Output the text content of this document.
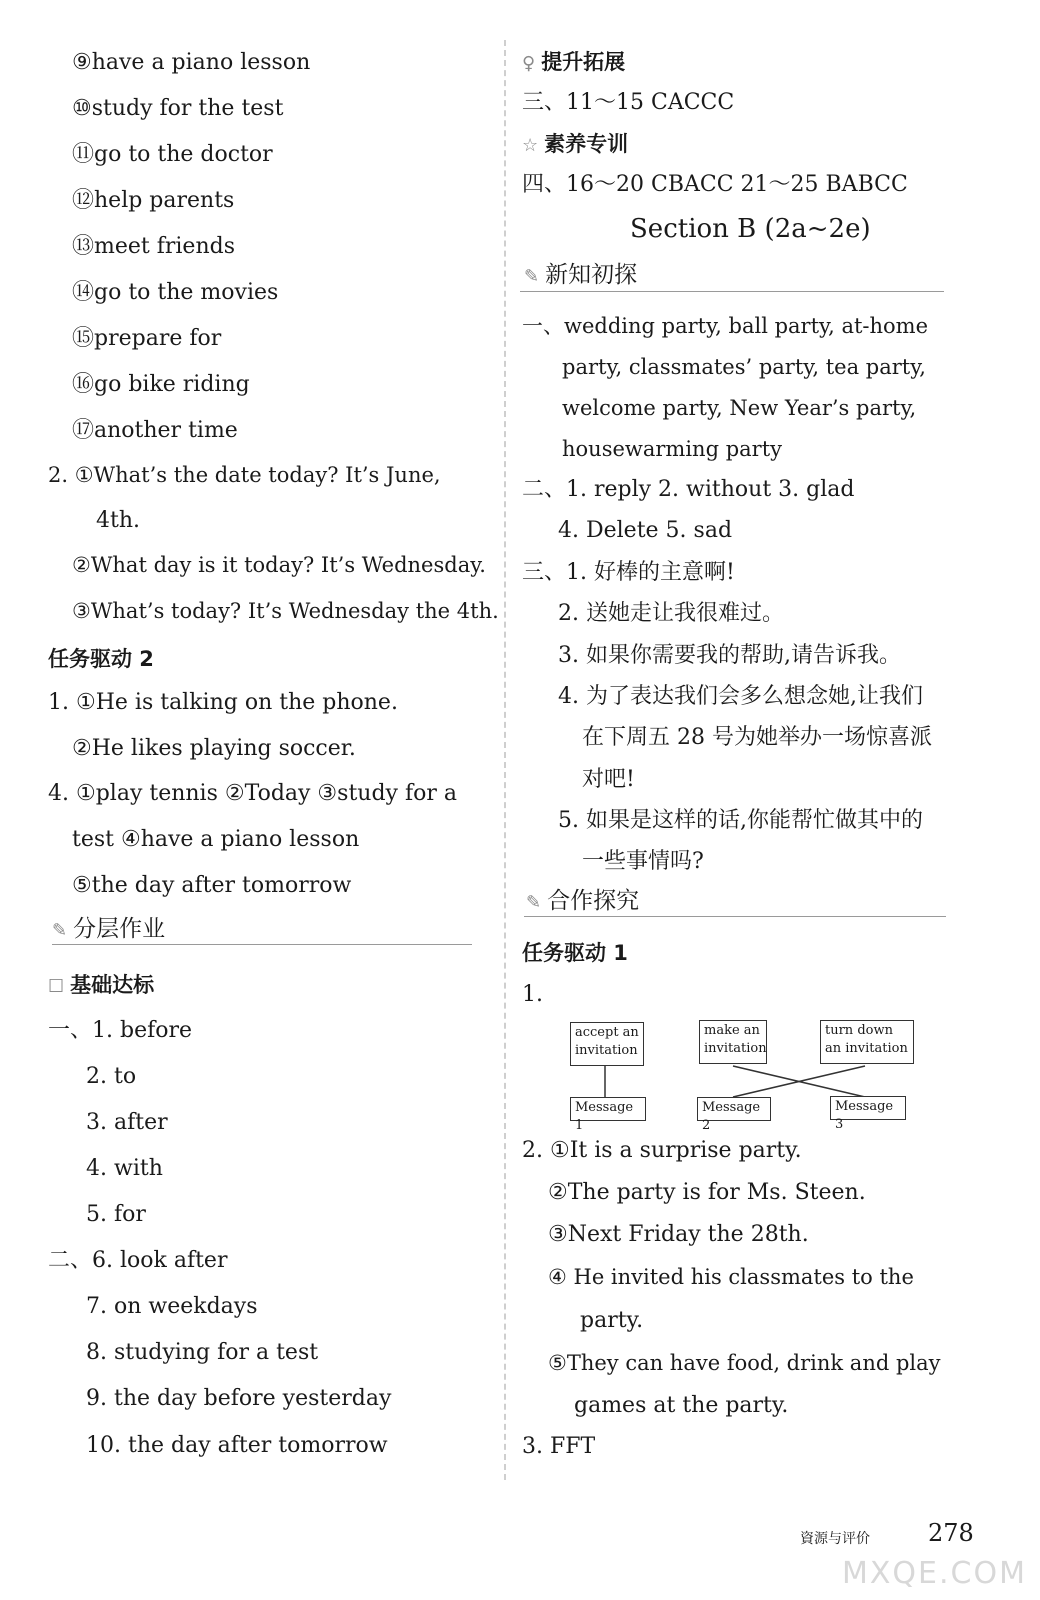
⑨have a piano lesson
⑩study for the test
⑪go to the doctor
⑫help parents
⑬meet friends
⑭go to the movies
⑮prepare for
⑯go bike riding
⑰another time
2. ①What’s the date today? It’s June,
4th.
②What day is it today? It’s Wednesday.
③What’s today? It’s Wednesday the 4th.
任务驱动 2
1. ①He is talking on the phone.
②He likes playing soccer.
4. ①play tennis ②Today ③study for a
test ④have a piano lesson
⑤the day after tomorrow
✎ 分层作业
☐ 基础达标
一、1. before
2. to
3. after
4. with
5. for
二、6. look after
7. on weekdays
8. studying for a test
9. the day before yesterday
10. the day after tomorrow
♀ 提升拓展
三、11～15 CACCC
☆ 素养专训
四、16～20 CBACC 21～25 BABCC
Section B (2a~2e)
✎ 新知初探
一、wedding party, ball party, at-home
party, classmates’ party, tea party,
welcome party, New Year’s party,
housewarming party
二、1. reply 2. without 3. glad
4. Delete 5. sad
三、1. 好棒的主意啊!
2. 送她走让我很难过。
3. 如果你需要我的帮助,请告诉我。
4. 为了表达我们会多么想念她,让我们
在下周五 28 号为她举办一场惊喜派
对吧!
5. 如果是这样的话,你能帮忙做其中的
一些事情吗?
✎ 合作探究
任务驱动 1
1.
accept an invitation
make an invitation
turn down an invitation
Message 1
Message 2
Message 3
2. ①It is a surprise party.
②The party is for Ms. Steen.
③Next Friday the 28th.
④ He invited his classmates to the
party.
⑤They can have food, drink and play
games at the party.
3. FFT
資源与评价 278
MXQE.COM
